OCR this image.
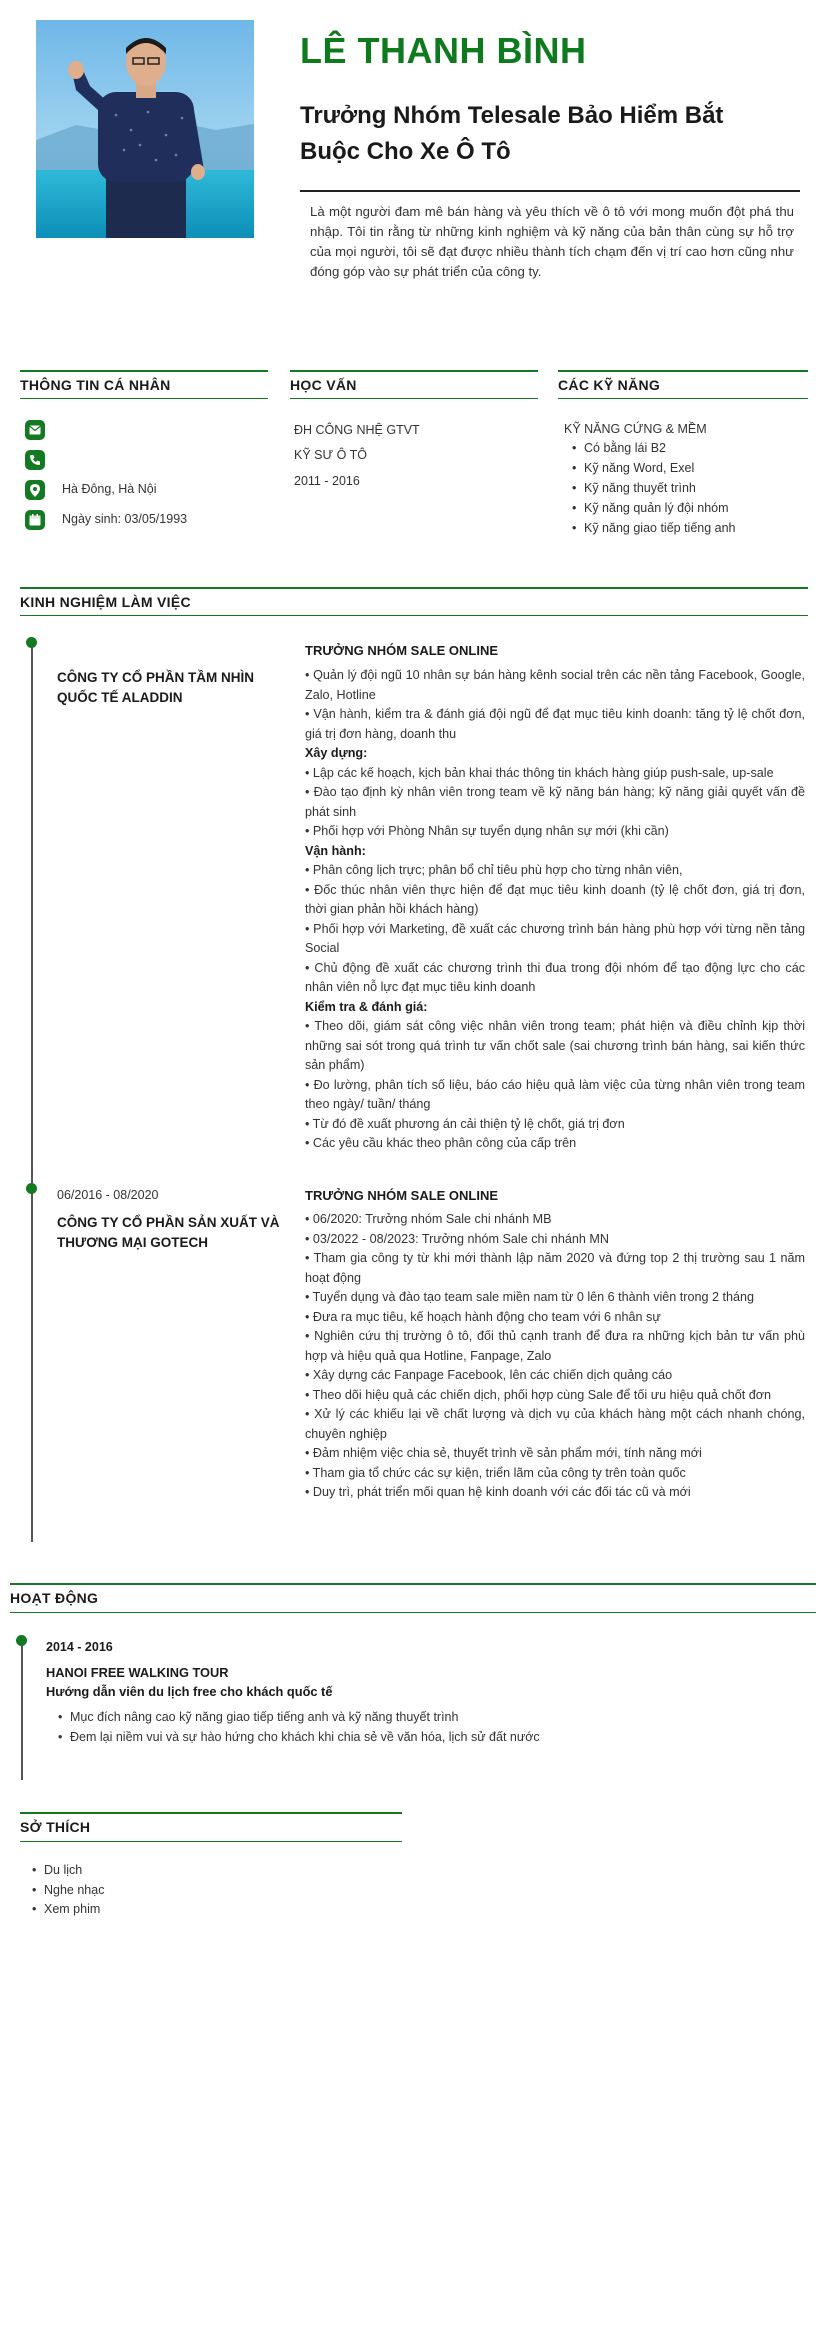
LÊ THANH BÌNH
Trưởng Nhóm Telesale Bảo Hiểm Bắt Buộc Cho Xe Ô Tô
Là một người đam mê bán hàng và yêu thích về ô tô với mong muốn đột phá thu nhập. Tôi tin rằng từ những kinh nghiệm và kỹ năng của bản thân cùng sự hỗ trợ của mọi người, tôi sẽ đạt được nhiều thành tích chạm đến vị trí cao hơn cũng như đóng góp vào sự phát triển của công ty.
THÔNG TIN CÁ NHÂN
Hà Đông, Hà Nội
Ngày sinh: 03/05/1993
HỌC VẤN
ĐH CÔNG NHỆ GTVT
KỸ SƯ Ô TÔ
2011 - 2016
CÁC KỸ NĂNG
KỸ NĂNG CỨNG & MỀM
• Có bằng lái B2
• Kỹ năng Word, Exel
• Kỹ năng thuyết trình
• Kỹ năng quản lý đội nhóm
• Kỹ năng giao tiếp tiếng anh
KINH NGHIỆM LÀM VIỆC
CÔNG TY CỔ PHẦN TẦM NHÌN QUỐC TẾ ALADDIN
TRƯỞNG NHÓM SALE ONLINE
• Quản lý đội ngũ 10 nhân sự bán hàng kênh social trên các nền tảng Facebook, Google, Zalo, Hotline
• Vận hành, kiểm tra & đánh giá đội ngũ để đạt mục tiêu kinh doanh: tăng tỷ lệ chốt đơn, giá trị đơn hàng, doanh thu
Xây dựng:
• Lập các kế hoạch, kịch bản khai thác thông tin khách hàng giúp push-sale, up-sale
• Đào tạo định kỳ nhân viên trong team về kỹ năng bán hàng; kỹ năng giải quyết vấn đề phát sinh
• Phối hợp với Phòng Nhân sự tuyển dụng nhân sự mới (khi cần)
Vận hành:
• Phân công lịch trực; phân bổ chỉ tiêu phù hợp cho từng nhân viên,
• Đốc thúc nhân viên thực hiện để đạt mục tiêu kinh doanh (tỷ lệ chốt đơn, giá trị đơn, thời gian phản hồi khách hàng)
• Phối hợp với Marketing, đề xuất các chương trình bán hàng phù hợp với từng nền tảng Social
• Chủ động đề xuất các chương trình thi đua trong đội nhóm để tạo động lực cho các nhân viên nỗ lực đạt mục tiêu kinh doanh
Kiểm tra & đánh giá:
• Theo dõi, giám sát công việc nhân viên trong team; phát hiện và điều chỉnh kịp thời những sai sót trong quá trình tư vấn chốt sale (sai chương trình bán hàng, sai kiến thức sản phẩm)
• Đo lường, phân tích số liệu, báo cáo hiệu quả làm việc của từng nhân viên trong team theo ngày/ tuần/ tháng
• Từ đó đề xuất phương án cải thiện tỷ lệ chốt, giá trị đơn
• Các yêu cầu khác theo phân công của cấp trên
06/2016 - 08/2020
CÔNG TY CỔ PHẦN SẢN XUẤT VÀ THƯƠNG MẠI GOTECH
TRƯỞNG NHÓM SALE ONLINE
• 06/2020: Trưởng nhóm Sale chi nhánh MB
• 03/2022 - 08/2023: Trưởng nhóm Sale chi nhánh MN
• Tham gia công ty từ khi mới thành lập năm 2020 và đứng top 2 thị trường sau 1 năm hoạt động
• Tuyển dụng và đào tạo team sale miền nam từ 0 lên 6 thành viên trong 2 tháng
• Đưa ra mục tiêu, kế hoạch hành động cho team với 6 nhân sự
• Nghiên cứu thị trường ô tô, đối thủ cạnh tranh để đưa ra những kịch bản tư vấn phù hợp và hiệu quả qua Hotline, Fanpage, Zalo
• Xây dựng các Fanpage Facebook, lên các chiến dịch quảng cáo
• Theo dõi hiệu quả các chiến dịch, phối hợp cùng Sale để tối ưu hiệu quả chốt đơn
• Xử lý các khiếu lại về chất lượng và dịch vụ của khách hàng một cách nhanh chóng, chuyên nghiệp
• Đảm nhiệm việc chia sẻ, thuyết trình về sản phẩm mới, tính năng mới
• Tham gia tổ chức các sự kiện, triển lãm của công ty trên toàn quốc
• Duy trì, phát triển mối quan hệ kinh doanh với các đối tác cũ và mới
HOẠT ĐỘNG
2014 - 2016
HANOI FREE WALKING TOUR
Hướng dẫn viên du lịch free cho khách quốc tế
• Mục đích nâng cao kỹ năng giao tiếp tiếng anh và kỹ năng thuyết trình
• Đem lại niềm vui và sự hào hứng cho khách khi chia sẻ về văn hóa, lịch sử đất nước
SỞ THÍCH
• Du lịch
• Nghe nhạc
• Xem phim
